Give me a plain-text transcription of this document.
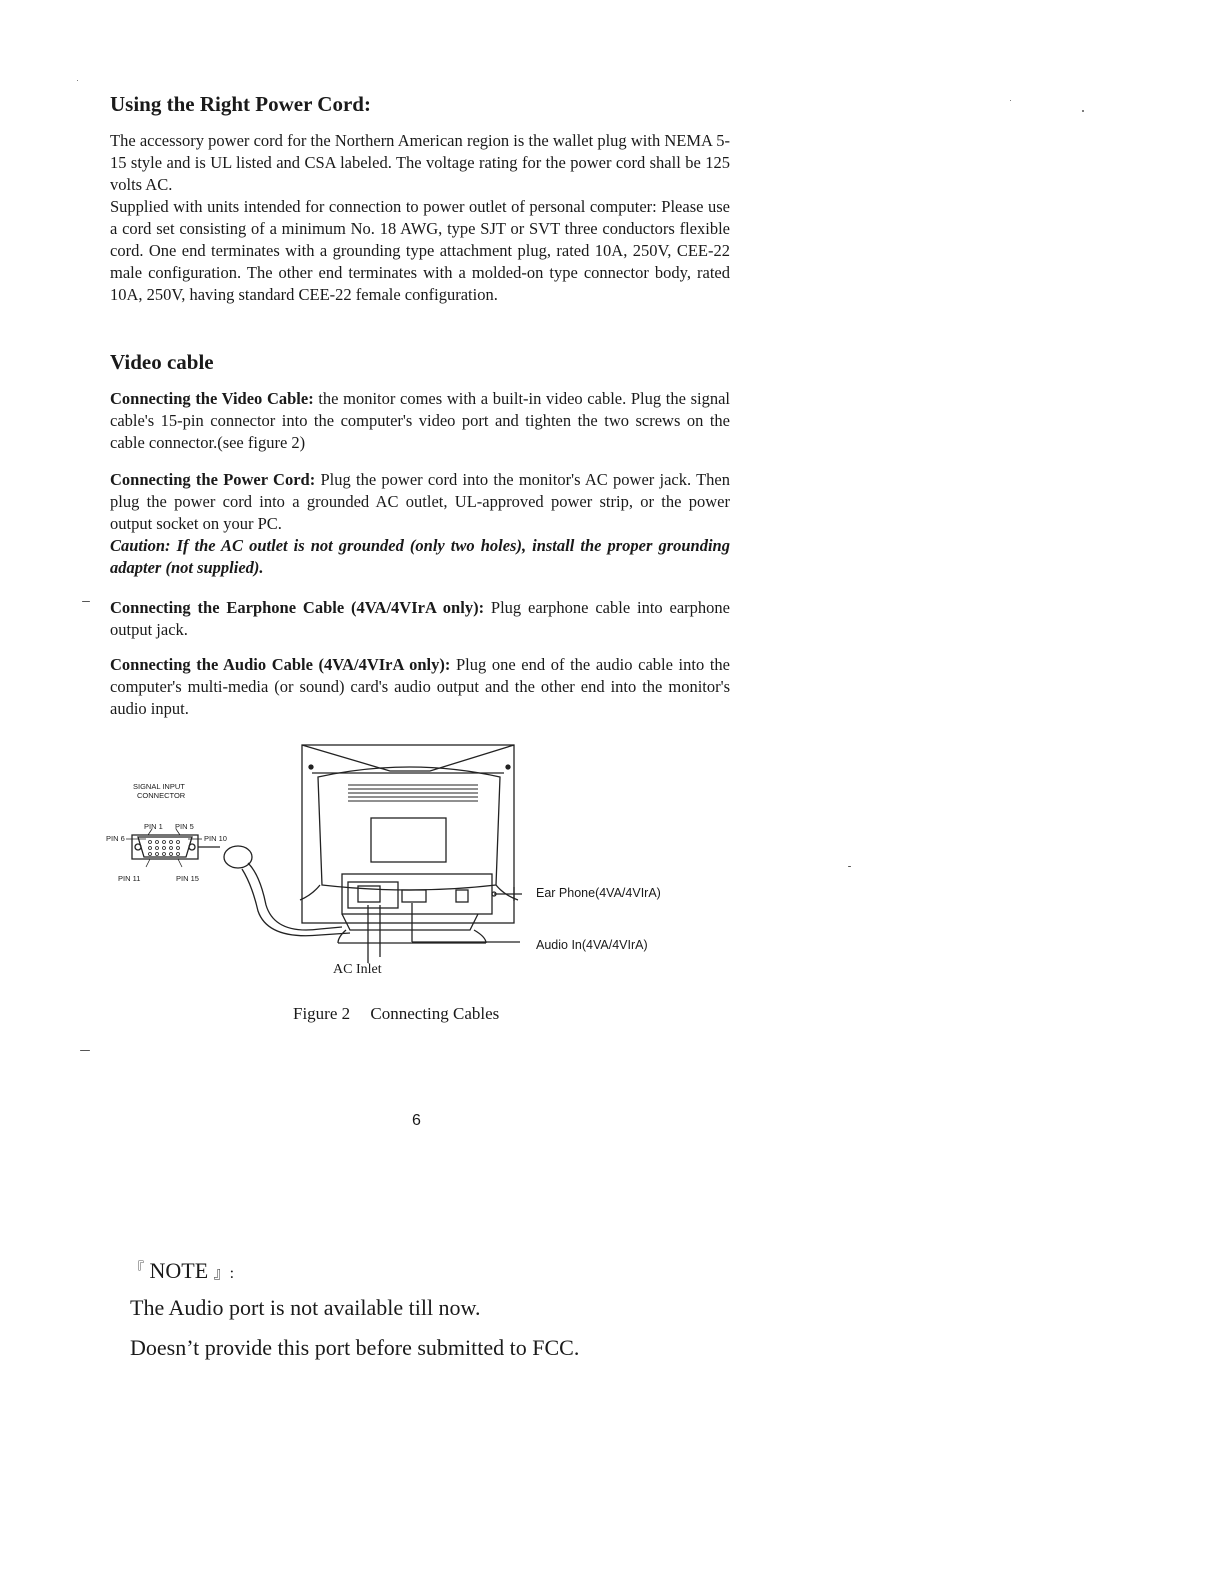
Using the Right Power Cord:
The accessory power cord for the Northern American region is the wallet plug with NEMA 5-15 style and is UL listed and CSA labeled. The voltage rating for the power cord shall be 125 volts AC.
Supplied with units intended for connection to power outlet of personal computer: Please use a cord set consisting of a minimum No. 18 AWG, type SJT or SVT three conductors flexible cord. One end terminates with a grounding type attachment plug, rated 10A, 250V, CEE-22 male configuration. The other end terminates with a molded-on type connector body, rated 10A, 250V, having standard CEE-22 female configuration.
Video cable
Connecting the Video Cable: the monitor comes with a built-in video cable. Plug the signal cable's 15-pin connector into the computer's video port and tighten the two screws on the cable connector.(see figure 2)
Connecting the Power Cord: Plug the power cord into the monitor's AC power jack. Then plug the power cord into a grounded AC outlet, UL-approved power strip, or the power output socket on your PC.
Caution: If the AC outlet is not grounded (only two holes), install the proper grounding adapter (not supplied).
Connecting the Earphone Cable (4VA/4VIrA only): Plug earphone cable into earphone output jack.
Connecting the Audio Cable (4VA/4VIrA only): Plug one end of the audio cable into the computer's multi-media (or sound) card's audio output and the other end into the monitor's audio input.
SIGNAL INPUT
CONNECTOR
PIN 1 PIN 5
PIN 6	PIN 10
PIN 11	PIN 15
Ear Phone(4VA/4VIrA)
Audio In(4VA/4VIrA)
AC Inlet
Figure 2 Connecting Cables
6
『 NOTE 』:
The Audio port is not available till now.
Doesn’t provide this port before submitted to FCC.
